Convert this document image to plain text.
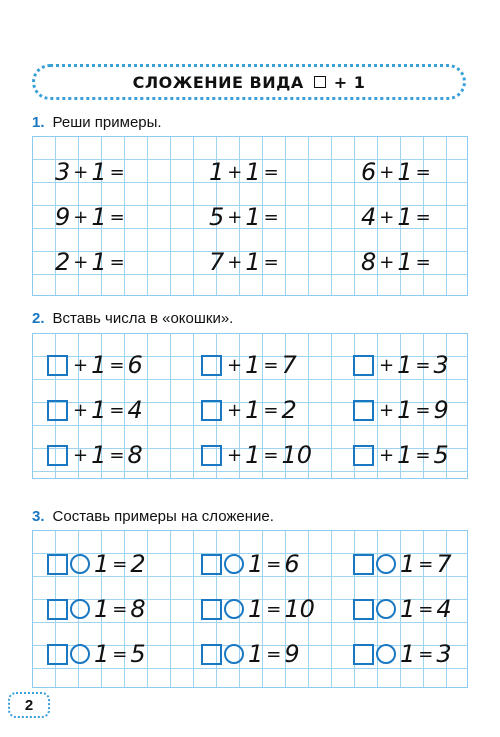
СЛОЖЕНИЕ ВИДА + 1
1. Реши примеры.
3 + 1 =	1 + 1 =	6 + 1 =
9 + 1 =	5 + 1 =	4 + 1 =
2 + 1 =	7 + 1 =	8 + 1 =
2. Вставь числа в «окошки».
+ 1 = 6	+ 1 = 7	+ 1 = 3
+ 1 = 4	+ 1 = 2	+ 1 = 9
+ 1 = 8	+ 1 = 10	+ 1 = 5
3. Составь примеры на сложение.
1 = 2	1 = 6	1 = 7
1 = 8	1 = 10	1 = 4
1 = 5	1 = 9	1 = 3
2
